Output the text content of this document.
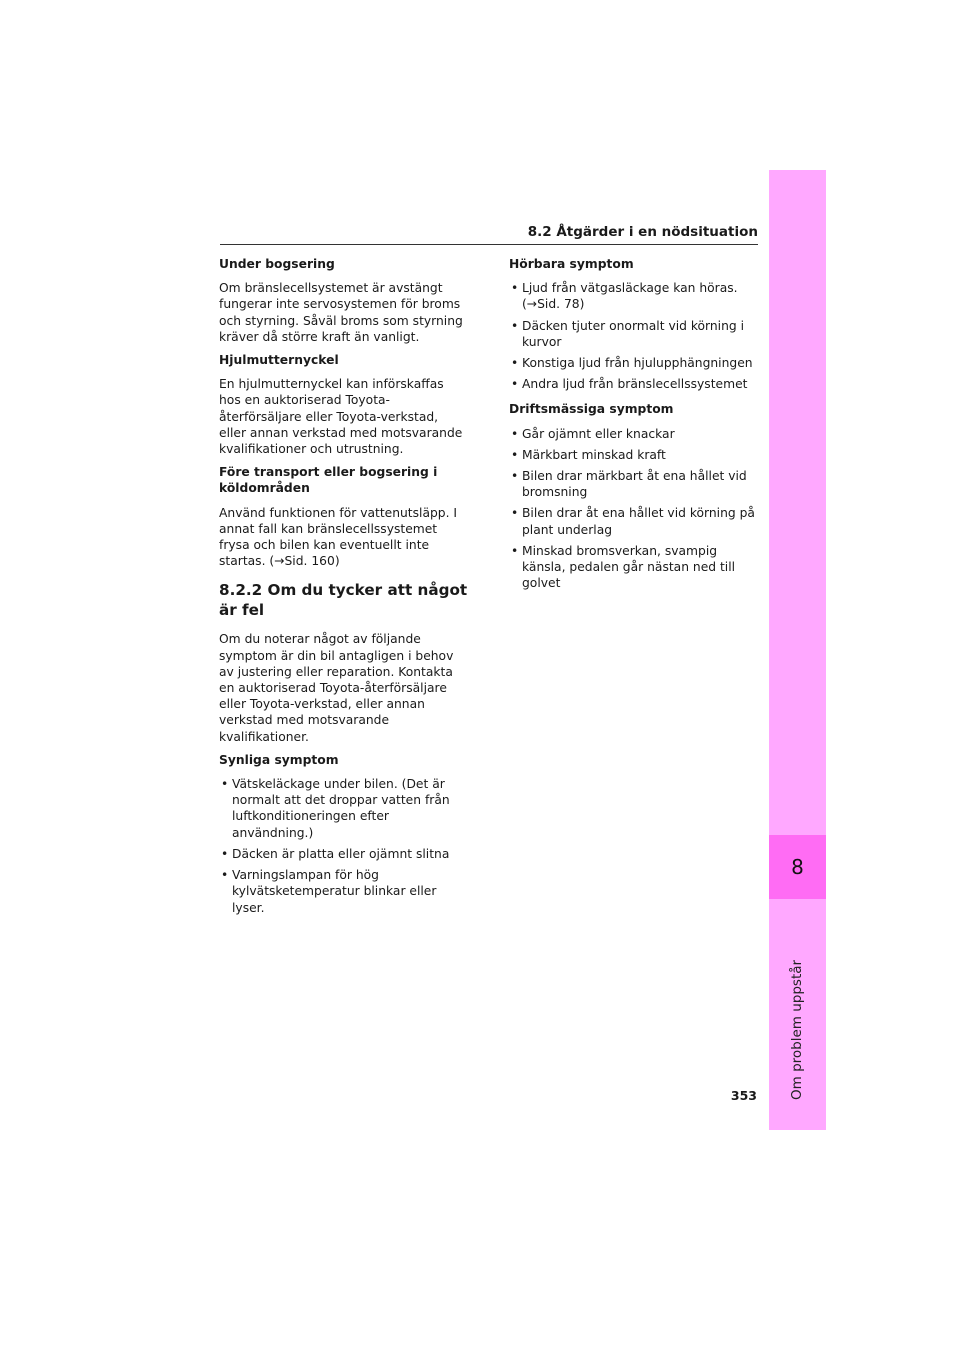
8
Om problem uppstår
8.2 Åtgärder i en nödsituation
Under bogsering
Om bränslecellsystemet är avstängt fungerar inte servosystemen för broms och styrning. Såväl broms som styrning kräver då större kraft än vanligt.
Hjulmutternyckel
En hjulmutternyckel kan införskaffas hos en auktoriserad Toyota-återförsäljare eller Toyota-verkstad, eller annan verkstad med motsvarande kvalifikationer och utrustning.
Före transport eller bogsering i köldområden
Använd funktionen för vattenutsläpp. I annat fall kan bränslecellssystemet frysa och bilen kan eventuellt inte startas. (→Sid. 160)
8.2.2 Om du tycker att något är fel
Om du noterar något av följande symptom är din bil antagligen i behov av justering eller reparation. Kontakta en auktoriserad Toyota-återförsäljare eller Toyota-verkstad, eller annan verkstad med motsvarande kvalifikationer.
Synliga symptom
• Vätskeläckage under bilen. (Det är normalt att det droppar vatten från luftkonditioneringen efter användning.)
• Däcken är platta eller ojämnt slitna
• Varningslampan för hög kylvätsketemperatur blinkar eller lyser.
Hörbara symptom
• Ljud från vätgasläckage kan höras. (→Sid. 78)
• Däcken tjuter onormalt vid körning i kurvor
• Konstiga ljud från hjulupphängningen
• Andra ljud från bränslecellssystemet
Driftsmässiga symptom
• Går ojämnt eller knackar
• Märkbart minskad kraft
• Bilen drar märkbart åt ena hållet vid bromsning
• Bilen drar åt ena hållet vid körning på plant underlag
• Minskad bromsverkan, svampig känsla, pedalen går nästan ned till golvet
353
